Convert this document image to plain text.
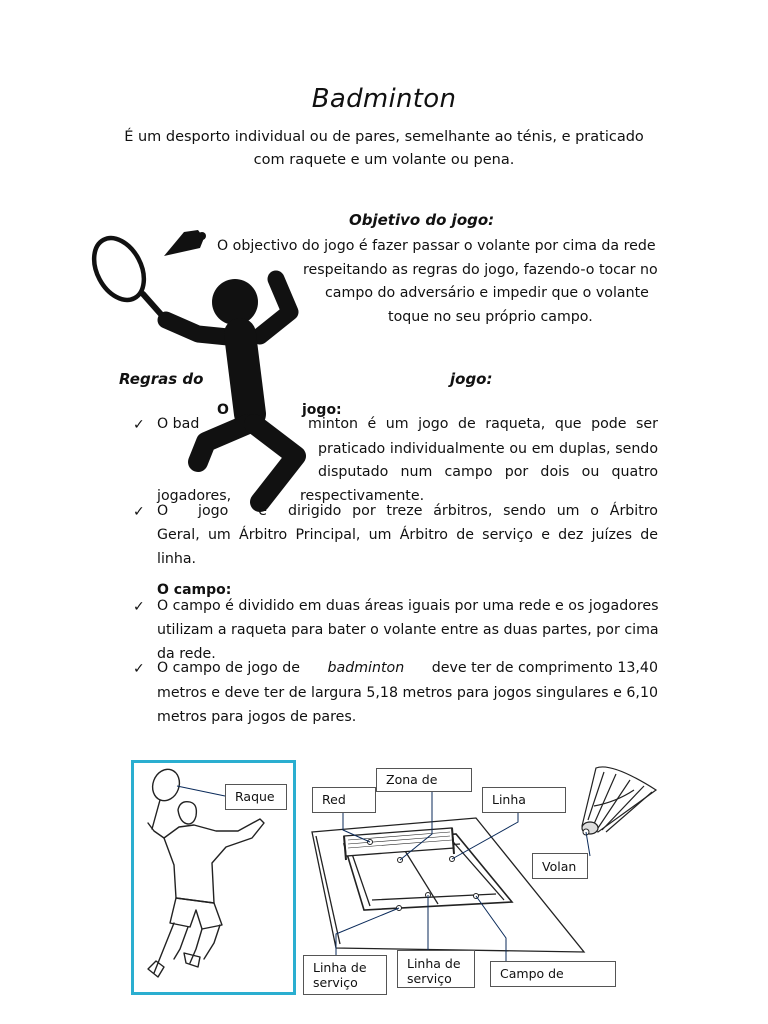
Badminton
É um desporto individual ou de pares, semelhante ao ténis, e praticado
com raquete e um volante ou pena.
Objetivo do jogo:
O objectivo do jogo é fazer passar o volante por cima da rede
respeitando as regras do jogo, fazendo-o tocar no
campo do adversário e impedir que o volante
toque no seu próprio campo.
Regras do	jogo:
O	jogo:
✓ O bad	minton é um jogo de raqueta, que pode ser
praticado individualmente ou em duplas, sendo
disputado num campo por dois ou quatro
jogadores,	respectivamente.
✓ O jogo é dirigido por treze árbitros, sendo um o Árbitro
Geral, um Árbitro Principal, um Árbitro de serviço e dez juízes de
linha.
O campo:
✓ O campo é dividido em duas áreas iguais por uma rede e os jogadores
utilizam a raqueta para bater o volante entre as duas partes, por cima
da rede.
✓ O campo de jogo de badminton deve ter de comprimento 13,40
metros e deve ter de largura 5,18 metros para jogos singulares e 6,10
metros para jogos de pares.
Raque	Red
Zona de
Linha
Volan
Linha de
serviço
Linha de
serviço	Campo de
